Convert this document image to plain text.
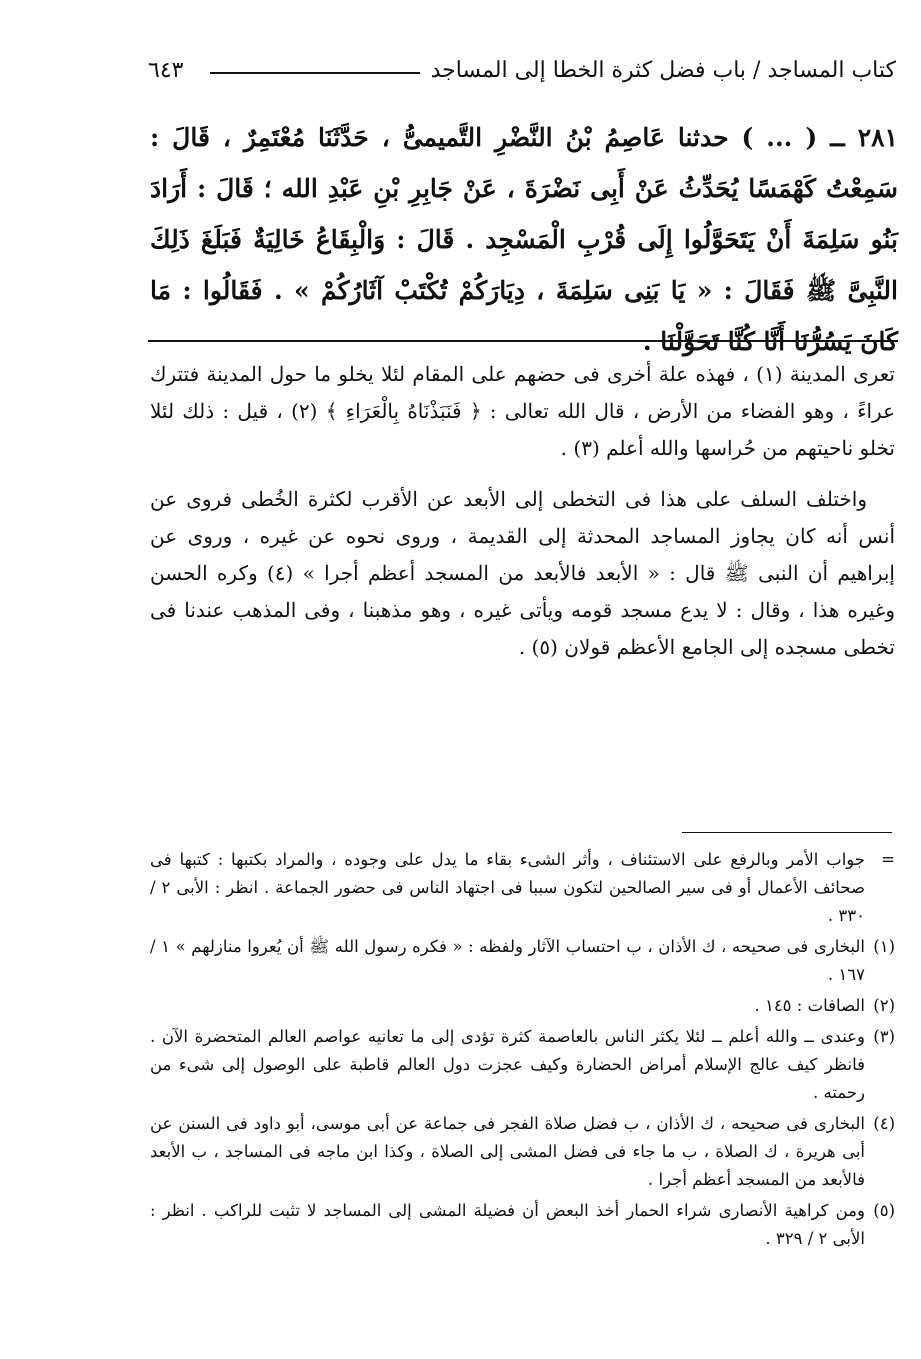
كتاب المساجد / باب فضل كثرة الخطا إلى المساجد
٦٤٣
٢٨١ ــ ( ... ) حدثنا عَاصِمُ بْنُ النَّضْرِ التَّميمىُّ ، حَدَّثَنَا مُعْتَمِرٌ ، قَالَ : سَمِعْتُ كَهْمَسًا يُحَدِّثُ عَنْ أَبِى نَضْرَةَ ، عَنْ جَابِرِ بْنِ عَبْدِ الله ؛ قَالَ : أَرَادَ بَنُو سَلِمَةَ أَنْ يَتَحَوَّلُوا إِلَى قُرْبِ الْمَسْجِد . قَالَ : وَالْبِقَاعُ خَالِيَةٌ فَبَلَغَ ذَلِكَ النَّبِىَّ ﷺ فَقَالَ : « يَا بَنِى سَلِمَةَ ، دِيَارَكُمْ تُكْتَبْ آثَارُكُمْ » . فَقَالُوا : مَا كَانَ يَسُرُّنَا أَنَّا كُنَّا تَحَوَّلْنَا .

تعرى المدينة (١) ، فهذه علة أخرى فى حضهم على المقام لئلا يخلو ما حول المدينة فتترك عراءً ، وهو الفضاء من الأرض ، قال الله تعالى : ﴿ فَنَبَذْنَاهُ بِالْعَرَاءِ ﴾ (٢) ، قيل : ذلك لئلا تخلو ناحيتهم من حُراسها والله أعلم (٣) .

واختلف السلف على هذا فى التخطى إلى الأبعد عن الأقرب لكثرة الخُطى فروى عن أنس أنه كان يجاوز المساجد المحدثة إلى القديمة ، وروى نحوه عن غيره ، وروى عن إبراهيم أن النبى ﷺ قال : « الأبعد فالأبعد من المسجد أعظم أجرا » (٤) وكره الحسن وغيره هذا ، وقال : لا يدع مسجد قومه ويأتى غيره ، وهو مذهبنا ، وفى المذهب عندنا فى تخطى مسجده إلى الجامع الأعظم قولان (٥) .

=
جواب الأمر وبالرفع على الاستئناف ، وأثر الشىء بقاء ما يدل على وجوده ، والمراد بكتبها : كتبها فى صحائف الأعمال أو فى سير الصالحين لتكون سببا فى اجتهاد الناس فى حضور الجماعة . انظر : الأبى ٢ / ٣٣٠ .
(١)
البخارى فى صحيحه ، ك الأذان ، ب احتساب الآثار ولفظه : « فكره رسول الله ﷺ أن يُعروا منازلهم » ١ / ١٦٧ .
(٢)
الصافات : ١٤٥ .
(٣)
وعندى ــ والله أعلم ــ لئلا يكثر الناس بالعاصمة كثرة تؤدى إلى ما تعانيه عواصم العالم المتحضرة الآن . فانظر كيف عالج الإسلام أمراض الحضارة وكيف عجزت دول العالم قاطبة على الوصول إلى شىء من رحمته .
(٤)
البخارى فى صحيحه ، ك الأذان ، ب فضل صلاة الفجر فى جماعة عن أبى موسى، أبو داود فى السنن عن أبى هريرة ، ك الصلاة ، ب ما جاء فى فضل المشى إلى الصلاة ، وكذا ابن ماجه فى المساجد ، ب الأبعد فالأبعد من المسجد أعظم أجرا .
(٥)
ومن كراهية الأنصارى شراء الحمار أخذ البعض أن فضيلة المشى إلى المساجد لا تثبت للراكب . انظر : الأبى ٢ / ٣٢٩ .
